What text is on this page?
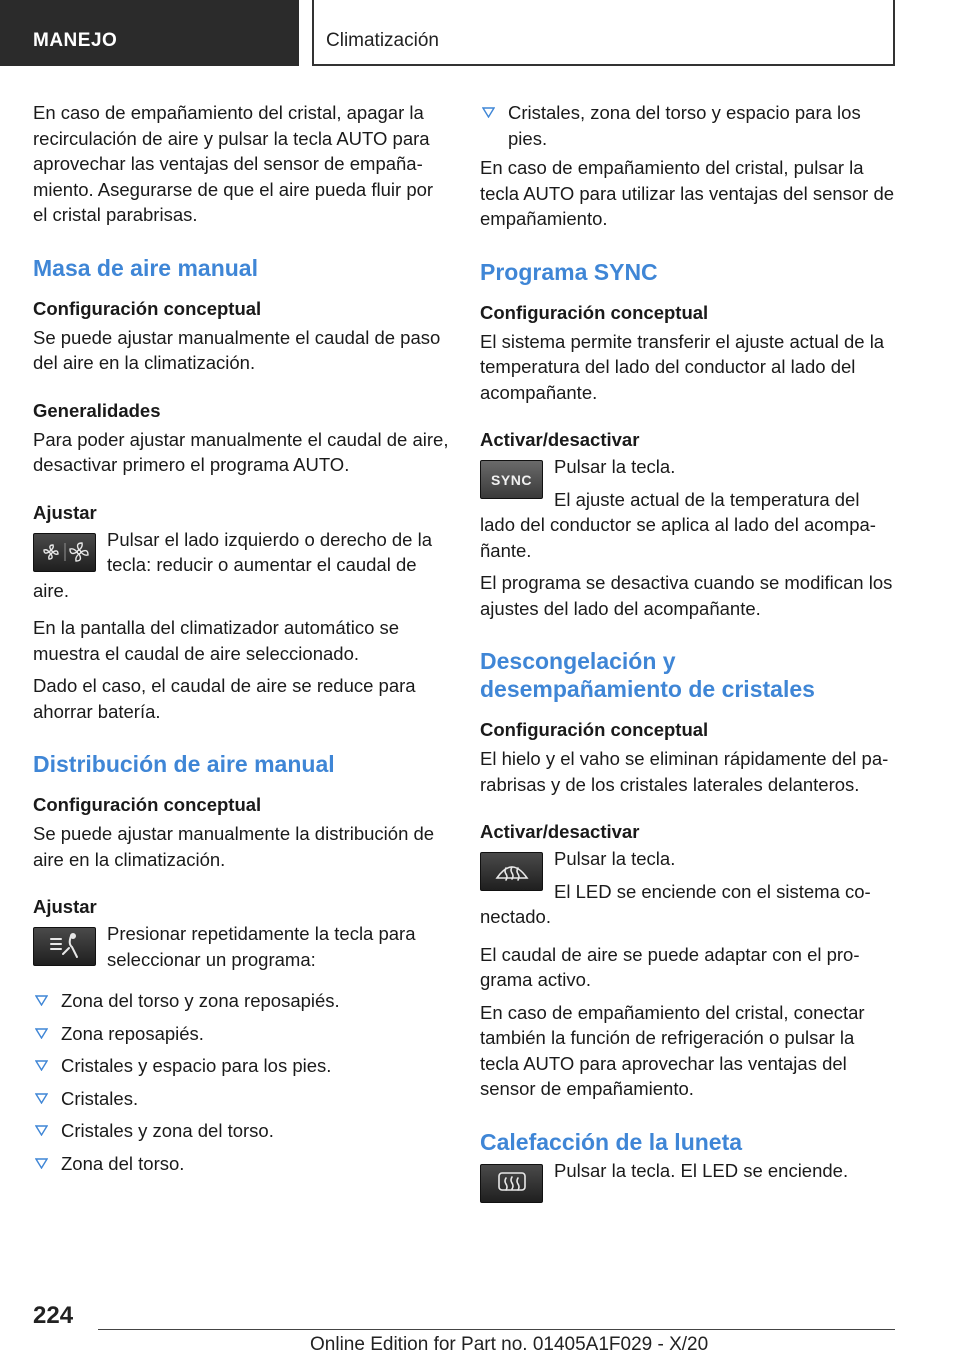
MANEJO	Climatización

En caso de empañamiento del cristal, apagar la recirculación de aire y pulsar la tecla AUTO para aprovechar las ventajas del sensor de empaña-miento. Asegurarse de que el aire pueda fluir por el cristal parabrisas.

Masa de aire manual
Configuración conceptual

Se puede ajustar manualmente el caudal de paso del aire en la climatización.

Generalidades

Para poder ajustar manualmente el caudal de aire, desactivar primero el programa AUTO.

Ajustar

Pulsar el lado izquierdo o derecho de la tecla: reducir o aumentar el caudal de aire.

En la pantalla del climatizador automático se muestra el caudal de aire seleccionado.

Dado el caso, el caudal de aire se reduce para ahorrar batería.

Distribución de aire manual
Configuración conceptual

Se puede ajustar manualmente la distribución de aire en la climatización.

Ajustar

Presionar repetidamente la tecla para seleccionar un programa:

Zona del torso y zona reposapiés.
Zona reposapiés.
Cristales y espacio para los pies.
Cristales.
Cristales y zona del torso.
Zona del torso.
Cristales, zona del torso y espacio para los pies.

En caso de empañamiento del cristal, pulsar la tecla AUTO para utilizar las ventajas del sensor de empañamiento.

Programa SYNC
Configuración conceptual

El sistema permite transferir el ajuste actual de la temperatura del lado del conductor al lado del acompañante.

Activar/desactivar
SYNC

Pulsar la tecla.

El ajuste actual de la temperatura del lado del conductor se aplica al lado del acompa-ñante.

El programa se desactiva cuando se modifican los ajustes del lado del acompañante.

Descongelación y
desempañamiento de cristales
Configuración conceptual

El hielo y el vaho se eliminan rápidamente del pa-rabrisas y de los cristales laterales delanteros.

Activar/desactivar

Pulsar la tecla.

El LED se enciende con el sistema co-nectado.

El caudal de aire se puede adaptar con el pro-grama activo.

En caso de empañamiento del cristal, conectar también la función de refrigeración o pulsar la tecla AUTO para aprovechar las ventajas del sensor de empañamiento.

Calefacción de la luneta

Pulsar la tecla. El LED se enciende.

224
Online Edition for Part no. 01405A1F029 - X/20
